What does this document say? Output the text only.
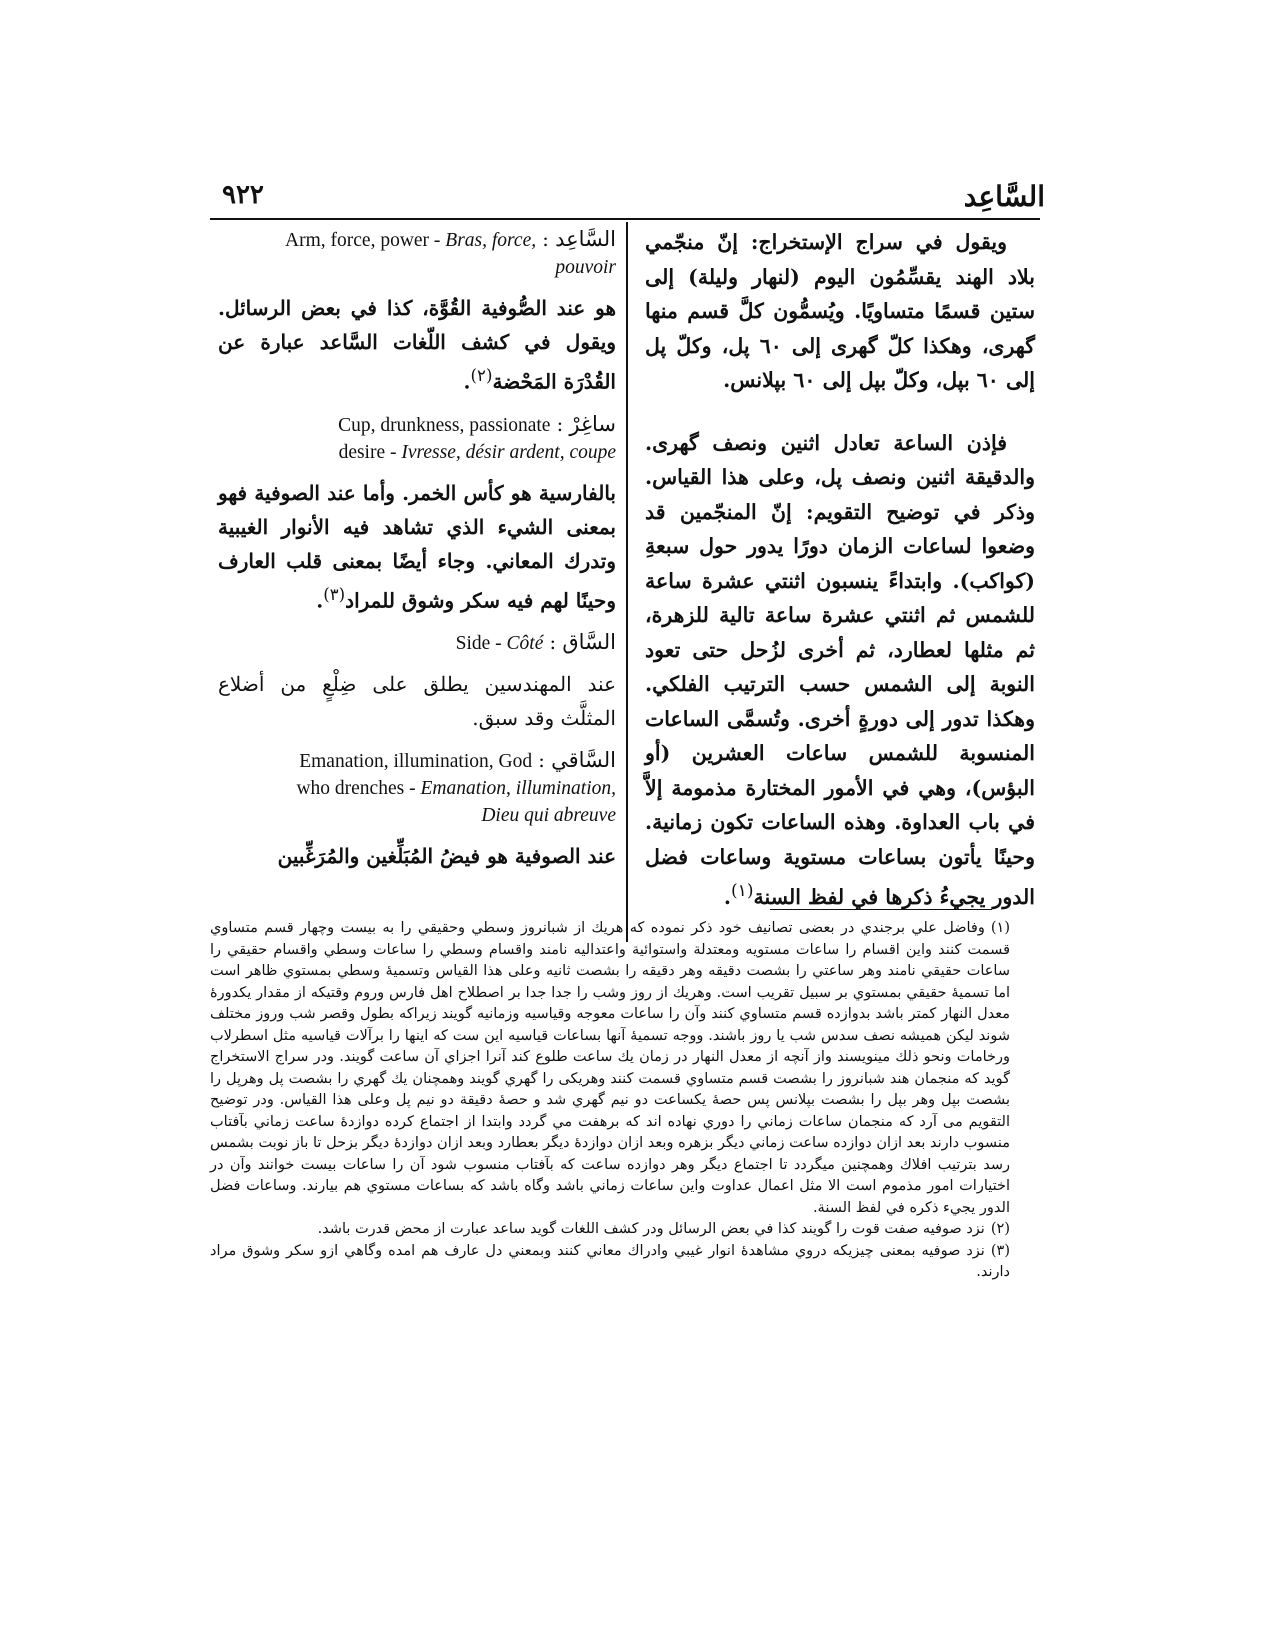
السَّاعِد
٩٢٢

ويقول في سراج الإستخراج: إنّ منجّمي بلاد الهند يقسِّمُون اليوم (لنهار وليلة) إلى ستين قسمًا متساويًا. ويُسمُّون كلَّ قسم منها گهرى، وهكذا كلّ گهرى إلى ٦٠ پل، وكلّ پل إلى ٦٠ بپل، وكلّ بپل إلى ٦٠ بپلانس.

فإذن الساعة تعادل اثنين ونصف گهرى. والدقيقة اثنين ونصف پل، وعلى هذا القياس. وذكر في توضيح التقويم: إنّ المنجّمين قد وضعوا لساعات الزمان دورًا يدور حول سبعةِ (كواكب). وابتداءً ينسبون اثنتي عشرة ساعة للشمس ثم اثنتي عشرة ساعة تالية للزهرة، ثم مثلها لعطارد، ثم أخرى لزُحل حتى تعود النوبة إلى الشمس حسب الترتيب الفلكي. وهكذا تدور إلى دورةٍ أخرى. وتُسمَّى الساعات المنسوبة للشمس ساعات العشرين (أو البؤس)، وهي في الأمور المختارة مذمومة إلاَّ في باب العداوة. وهذه الساعات تكون زمانية. وحينًا يأتون بساعات مستوية وساعات فضل الدور يجيءُ ذكرها في لفظ السنة$^{(١)}$.

السَّاعِد : Arm, force, power - Bras, force,

pouvoir

هو عند الصُّوفية القُوَّة، كذا في بعض الرسائل. ويقول في كشف اللّغات السَّاعد عبارة عن القُدْرَة المَحْضة$^{(٢)}$.

ساغِرْ : Cup, drunkness, passionate

desire - Ivresse, désir ardent, coupe

بالفارسية هو كأس الخمر. وأما عند الصوفية فهو بمعنى الشيء الذي تشاهد فيه الأنوار الغيبية وتدرك المعاني. وجاء أيضًا بمعنى قلب العارف وحينًا لهم فيه سكر وشوق للمراد$^{(٣)}$.

السَّاق : Side - Côté

عند المهندسين يطلق على ضِلْعٍ من أضلاع المثلَّث وقد سبق.

السَّاقي : Emanation, illumination, God

who drenches - Emanation, illumination,

Dieu qui abreuve

عند الصوفية هو فيضُ المُبَلِّغين والمُرَغِّبين

(١)وفاضل علي برجندي در بعضى تصانيف خود ذكر نموده كه هريك از شبانروز وسطي وحقيقي را به بيست وچهار قسم متساوي قسمت كنند واين اقسام را ساعات مستويه ومعتدلة واستوائية واعتداليه نامند واقسام وسطي را ساعات وسطي واقسام حقيقي را ساعات حقيقي نامند وهر ساعتي را بشصت دقيقه وهر دقيقه را بشصت ثانيه وعلى هذا القياس وتسميهٔ وسطي بمستوي ظاهر است اما تسميهٔ حقيقي بمستوي بر سبيل تقريب است. وهريك از روز وشب را جدا جدا بر اصطلاح اهل فارس وروم وقتيكه از مقدار يكدورهٔ معدل النهار كمتر باشد بدوازده قسم متساوي كنند وآن را ساعات معوجه وقياسيه وزمانيه گويند زيراكه بطول وقصر شب وروز مختلف شوند ليكن هميشه نصف سدس شب يا روز باشند. ووجه تسميهٔ آنها بساعات قياسيه اين ست كه اينها را برآلات قياسيه مثل اسطرلاب ورخامات ونحو ذلك مينويسند واز آنچه از معدل النهار در زمان يك ساعت طلوع كند آنرا اجزاي آن ساعت گويند. ودر سراج الاستخراج گويد كه منجمان هند شبانروز را بشصت قسم متساوي قسمت كنند وهريكى را گهري گويند وهمچنان يك گهري را بشصت پل وهرپل را بشصت بپل وهر بپل را بشصت بپلانس پس حصهٔ يكساعت دو نيم گهري شد و حصهٔ دقيقة دو نيم پل وعلى هذا القياس. ودر توضيح التقويم مى آرد كه منجمان ساعات زماني را دوري نهاده اند كه برهفت مي گردد وابتدا از اجتماع كرده دوازدهٔ ساعت زماني بآفتاب منسوب دارند بعد ازان دوازده ساعت زماني ديگر بزهره وبعد ازان دوازدهٔ ديگر بعطارد وبعد ازان دوازدهٔ ديگر بزحل تا باز نوبت بشمس رسد بترتيب افلاك وهمچنين ميگردد تا اجتماع ديگر وهر دوازده ساعت كه بآفتاب منسوب شود آن را ساعات بيست خوانند وآن در اختيارات امور مذموم است الا مثل اعمال عداوت واين ساعات زماني باشد وگاه باشد كه بساعات مستوي هم بيارند. وساعات فضل الدور يجيء ذكره في لفظ السنة.

(٢)نزد صوفيه صفت قوت را گويند كذا في بعض الرسائل ودر كشف اللغات گويد ساعد عبارت از محض قدرت باشد.

(٣)نزد صوفيه بمعنى چيزيكه دروي مشاهدهٔ انوار غيبي وادراك معاني كنند وبمعني دل عارف هم امده وگاهي ازو سكر وشوق مراد دارند.
